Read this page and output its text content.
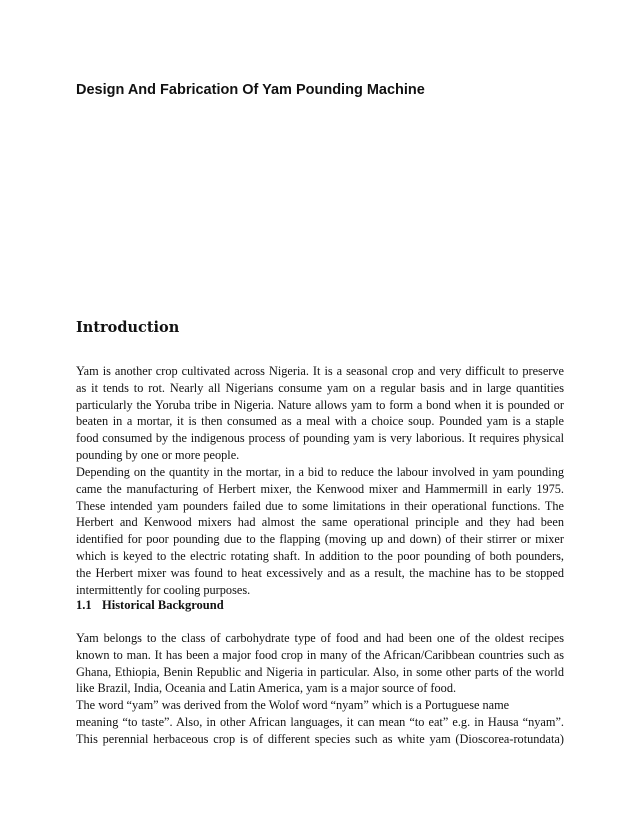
Design And Fabrication Of Yam Pounding Machine
Introduction
Yam is another crop cultivated across Nigeria. It is a seasonal crop and very difficult to preserve
as it tends to rot. Nearly all Nigerians consume yam on a regular basis and in large quantities
particularly the Yoruba tribe in Nigeria. Nature allows yam to form a bond when it is pounded or
beaten in a mortar, it is then consumed as a meal with a choice soup. Pounded yam is a staple
food consumed by the indigenous process of pounding yam is very laborious. It requires physical
pounding by one or more people.
Depending on the quantity in the mortar, in a bid to reduce the labour involved in yam pounding
came the manufacturing of Herbert mixer, the Kenwood mixer and Hammermill in early 1975.
These intended yam pounders failed due to some limitations in their operational functions. The
Herbert and Kenwood mixers had almost the same operational principle and they had been
identified for poor pounding due to the flapping (moving up and down) of their stirrer or mixer
which is keyed to the electric rotating shaft. In addition to the poor pounding of both pounders,
the Herbert mixer was found to heat excessively and as a result, the machine has to be stopped
intermittently for cooling purposes.
1.1 Historical Background
Yam belongs to the class of carbohydrate type of food and had been one of the oldest recipes
known to man. It has been a major food crop in many of the African/Caribbean countries such as
Ghana, Ethiopia, Benin Republic and Nigeria in particular. Also, in some other parts of the world
like Brazil, India, Oceania and Latin America, yam is a major source of food.
The word “yam” was derived from the Wolof word “nyam” which is a Portuguese name
meaning “to taste”. Also, in other African languages, it can mean “to eat” e.g. in Hausa “nyam”.
This perennial herbaceous crop is of different species such as white yam (Dioscorea-rotundata)
